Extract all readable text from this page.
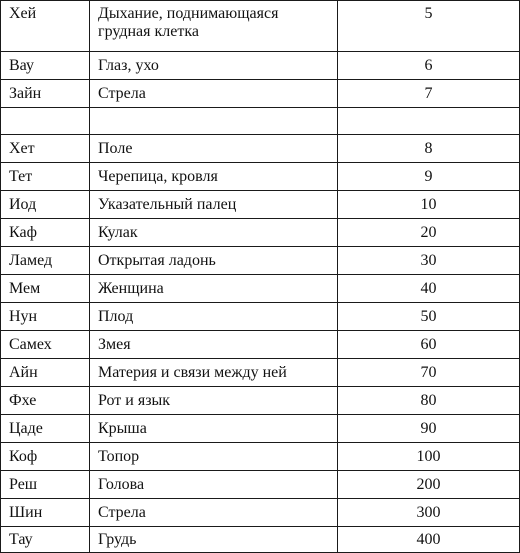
Хей	Дыхание, поднимающаяся грудная клетка	5
Вау	Глаз, ухо	6
Зайн	Стрела	7

Хет	Поле	8
Тет	Черепица, кровля	9
Иод	Указательный палец	10
Каф	Кулак	20
Ламед	Открытая ладонь	30
Мем	Женщина	40
Нун	Плод	50
Самех	Змея	60
Айн	Материя и связи между ней	70
Фхе	Рот и язык	80
Цаде	Крыша	90
Коф	Топор	100
Реш	Голова	200
Шин	Стрела	300
Тау	Грудь	400
